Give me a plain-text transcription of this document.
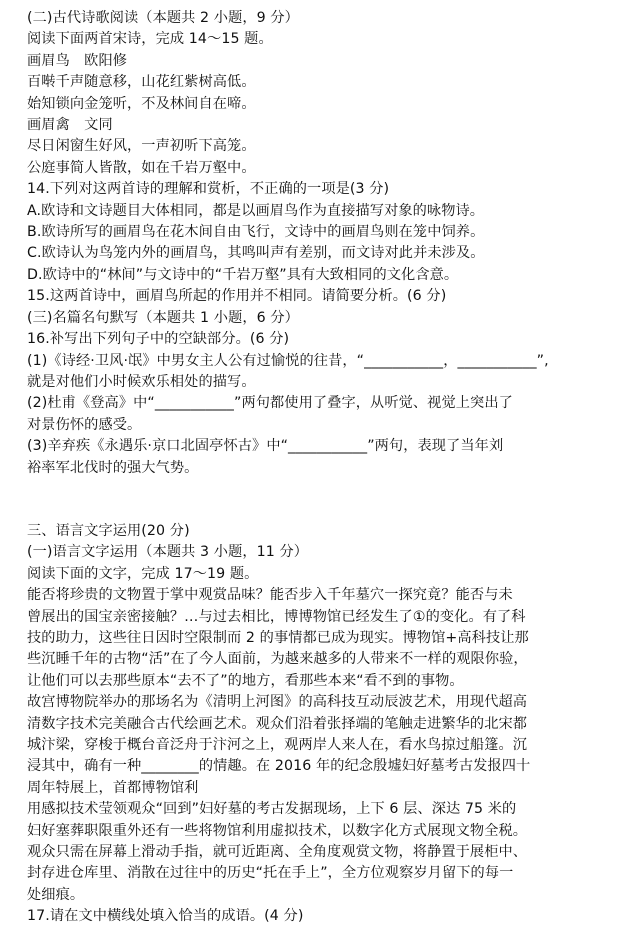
(二)古代诗歌阅读（本题共 2 小题，9 分）
阅读下面两首宋诗，完成 14～15 题。
画眉鸟　欧阳修
百啭千声随意移，山花红紫树高低。
始知锁向金笼听，不及林间自在啼。
画眉禽　文同
尽日闲窗生好风，一声初听下高笼。
公庭事简人皆散，如在千岩万壑中。
14.下列对这两首诗的理解和赏析，不正确的一项是(3 分)
A.欧诗和文诗题目大体相同，都是以画眉鸟作为直接描写对象的咏物诗。
B.欧诗所写的画眉鸟在花木间自由飞行，文诗中的画眉鸟则在笼中饲养。
C.欧诗认为鸟笼内外的画眉鸟，其鸣叫声有差别，而文诗对此并未涉及。
D.欧诗中的“林间”与文诗中的“千岩万壑”具有大致相同的文化含意。
15.这两首诗中，画眉鸟所起的作用并不相同。请简要分析。(6 分)
(三)名篇名句默写（本题共 1 小题，6 分）
16.补写出下列句子中的空缺部分。(6 分)
(1)《诗经·卫风·氓》中男女主人公有过愉悦的往昔，“___________，___________”,
就是对他们小时候欢乐相处的描写。
(2)杜甫《登高》中“___________”两句都使用了叠字，从听觉、视觉上突出了
对景伤怀的感受。
(3)辛弃疾《永遇乐·京口北固亭怀古》中“___________”两句，表现了当年刘
裕率军北伐时的强大气势。
三、语言文字运用(20 分)
(一)语言文字运用（本题共 3 小题，11 分）
阅读下面的文字，完成 17～19 题。
能否将珍贵的文物置于掌中观赏品味？能否步入千年墓穴一探究竟？能否与未
曾展出的国宝亲密接触？…与过去相比，博博物馆已经发生了①的变化。有了科
技的助力，这些往日因时空限制而 2 的事情都已成为现实。博物馆+高科技让那
些沉睡千年的古物“活”在了今人面前，为越来越多的人带来不一样的观限你验，
让他们可以去那些原本“去不了”的地方，看那些本来“看不到的事物。
故宫博物院举办的那场名为《清明上河图》的高科技互动辰波艺术，用现代超高
清数字技术完美融合古代绘画艺术。观众们沿着张择端的笔触走进繁华的北宋都
城汴梁，穿梭于概台音泛舟于汴河之上，观两岸人来人在，看水鸟掠过船篷。沉
浸其中，确有一种________的情趣。在 2016 年的纪念殷墟妇好墓考古发报四十
周年特展上，首都博物馆利
用感拟技术莹领观众“回到”妇好墓的考古发据现场，上下 6 层、深达 75 米的
妇好塞葬职限重外还有一些将物馆利用虚拟技术，以数字化方式展现文物全税。
观众只需在屏幕上滑动手指，就可近距离、全角度观赏文物，将静置于展柜中、
封存进仓库里、消散在过往中的历史“托在手上”，全方位观察岁月留下的每一
处细痕。
17.请在文中横线处填入恰当的成语。(4 分)
